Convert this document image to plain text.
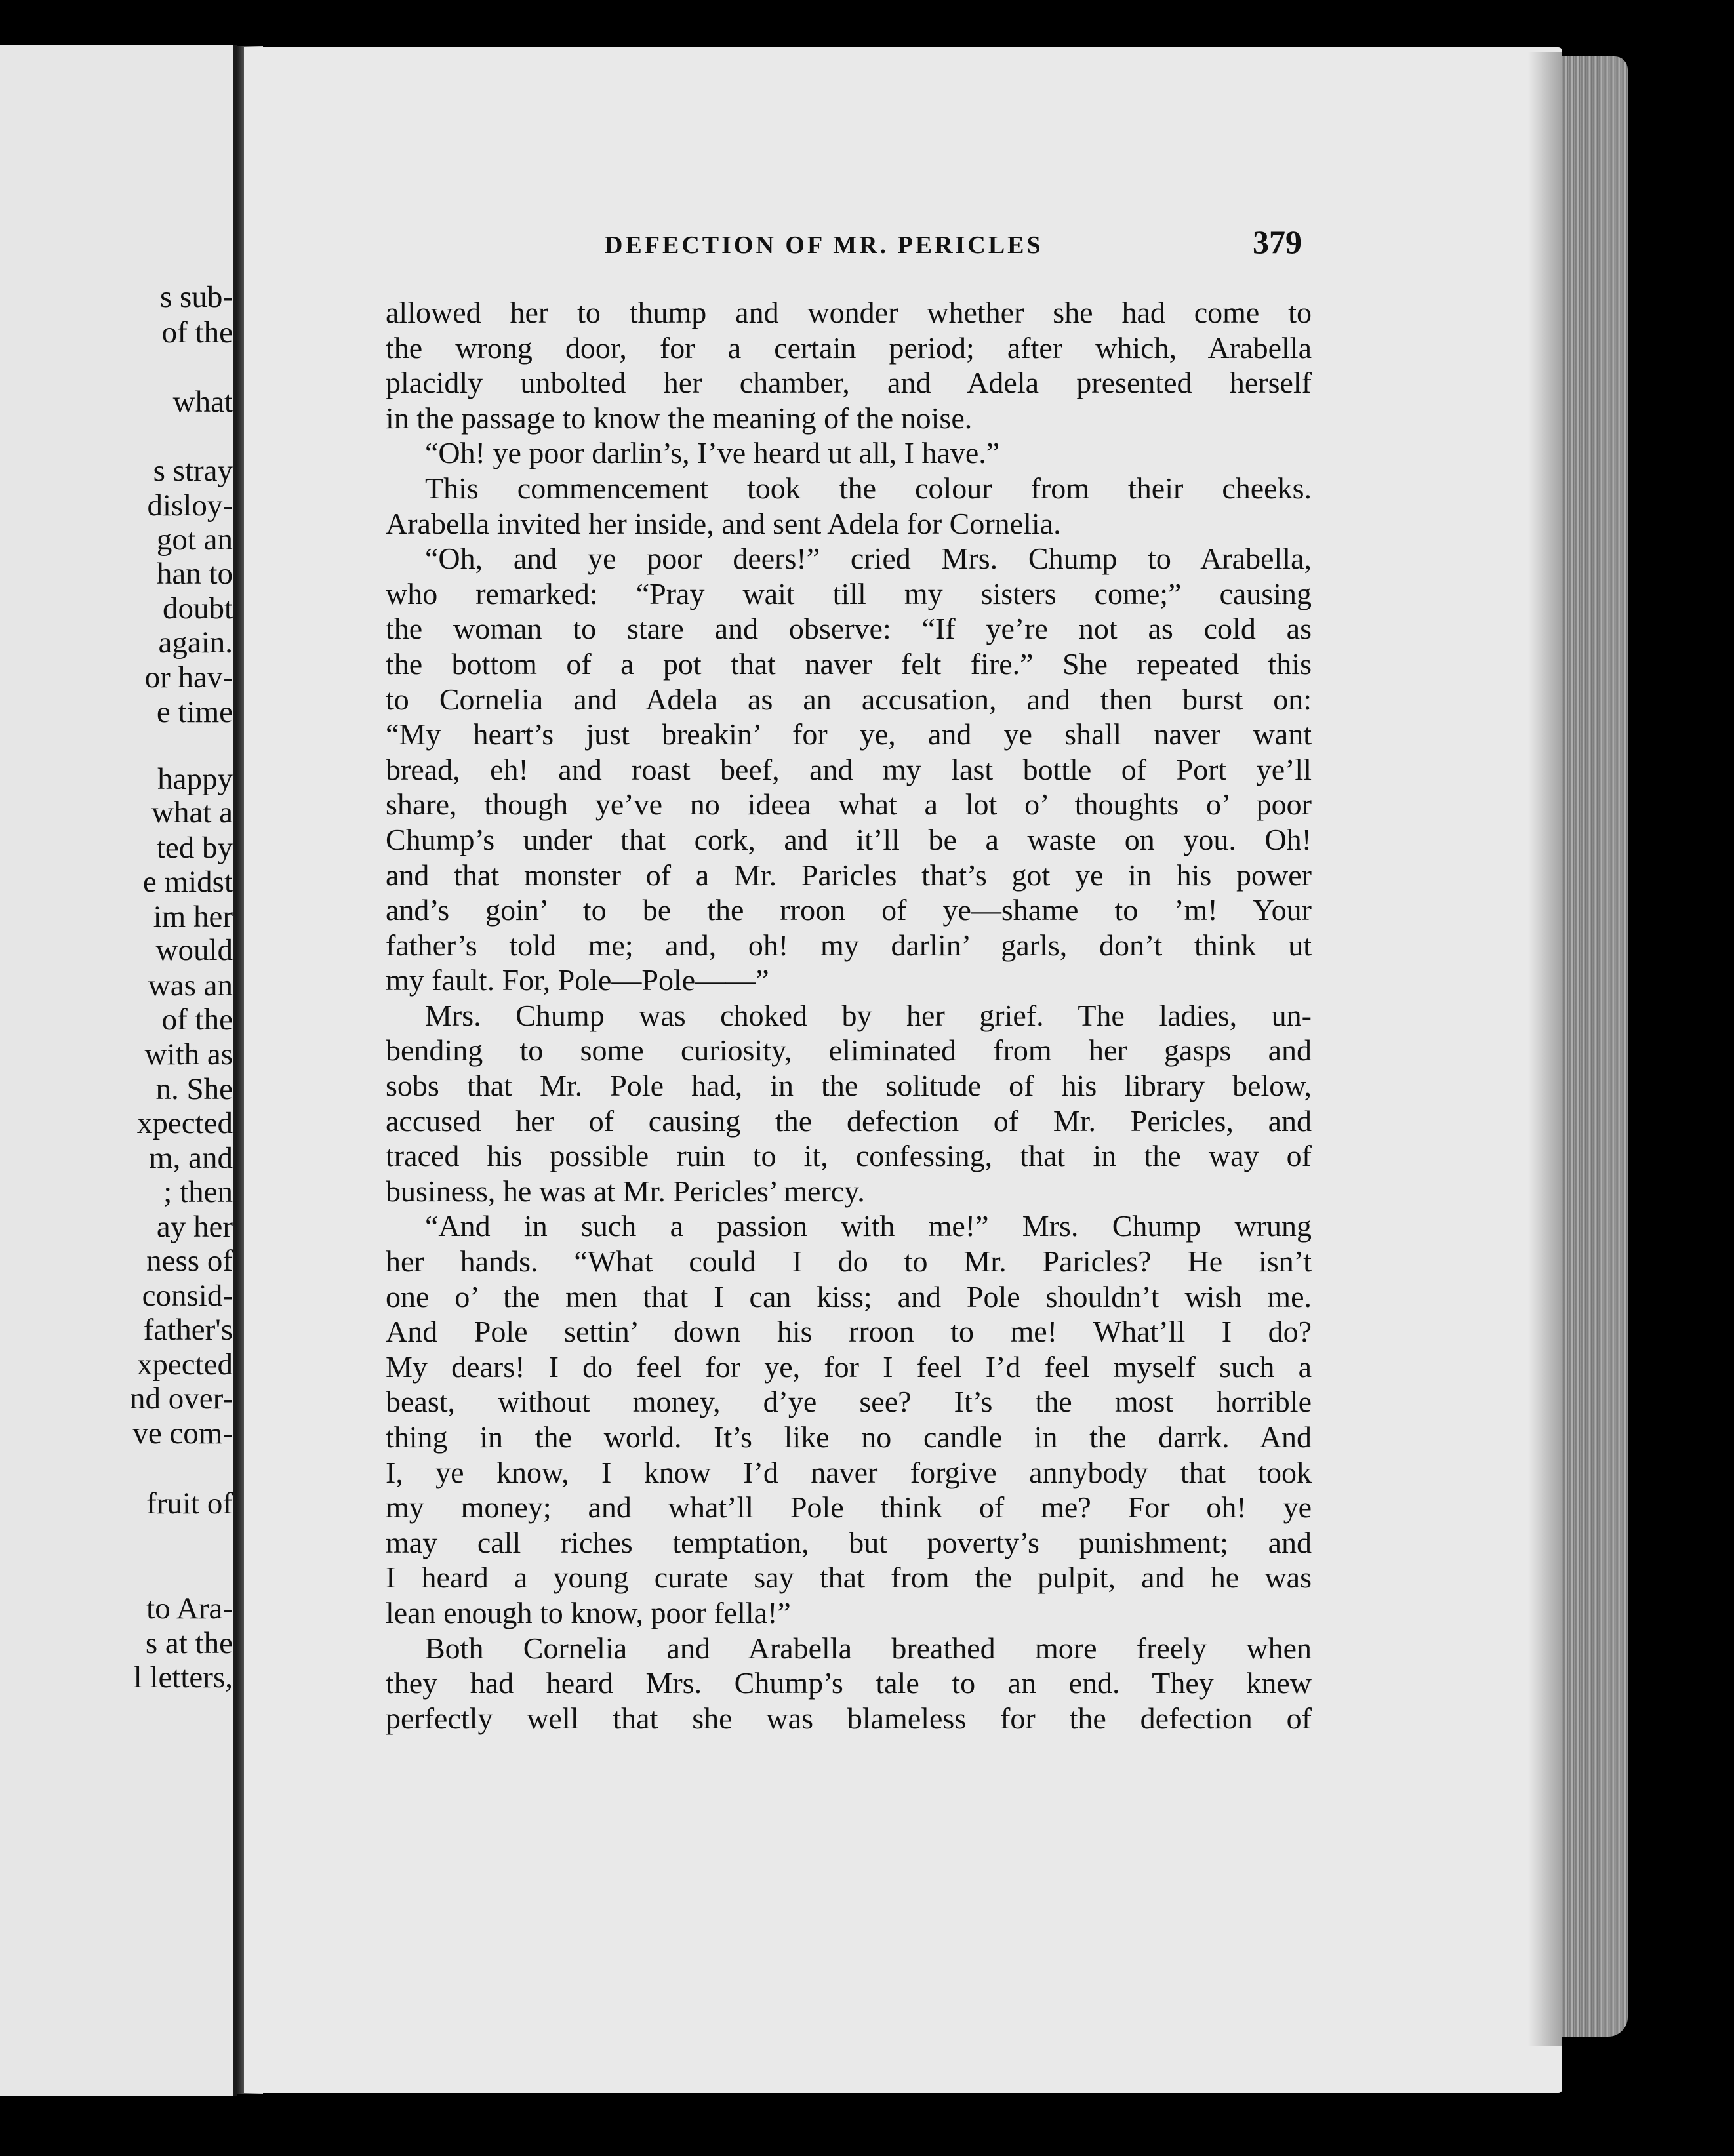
s sub-
of the
what
s stray
disloy-
got an
han to
doubt
again.
or hav-
e time
happy
what a
ted by
e midst
im her
would
was an
of the
with as
n. She
xpected
m, and
; then
ay her
ness of
consid-
father's
xpected
nd over-
ve com-
fruit of
to Ara-
s at the
l letters,
DEFECTION OF MR. PERICLES	379
allowed her to thump and wonder whether she had come to
the wrong door, for a certain period; after which, Arabella
placidly unbolted her chamber, and Adela presented herself
in the passage to know the meaning of the noise.
“Oh! ye poor darlin’s, I’ve heard ut all, I have.”
This commencement took the colour from their cheeks.
Arabella invited her inside, and sent Adela for Cornelia.
“Oh, and ye poor deers!” cried Mrs. Chump to Arabella,
who remarked: “Pray wait till my sisters come;” causing
the woman to stare and observe: “If ye’re not as cold as
the bottom of a pot that naver felt fire.” She repeated this
to Cornelia and Adela as an accusation, and then burst on:
“My heart’s just breakin’ for ye, and ye shall naver want
bread, eh! and roast beef, and my last bottle of Port ye’ll
share, though ye’ve no ideea what a lot o’ thoughts o’ poor
Chump’s under that cork, and it’ll be a waste on you. Oh!
and that monster of a Mr. Paricles that’s got ye in his power
and’s goin’ to be the rroon of ye—shame to ’m! Your
father’s told me; and, oh! my darlin’ garls, don’t think ut
my fault. For, Pole—Pole——”
Mrs. Chump was choked by her grief. The ladies, un-
bending to some curiosity, eliminated from her gasps and
sobs that Mr. Pole had, in the solitude of his library below,
accused her of causing the defection of Mr. Pericles, and
traced his possible ruin to it, confessing, that in the way of
business, he was at Mr. Pericles’ mercy.
“And in such a passion with me!” Mrs. Chump wrung
her hands. “What could I do to Mr. Paricles? He isn’t
one o’ the men that I can kiss; and Pole shouldn’t wish me.
And Pole settin’ down his rroon to me! What’ll I do?
My dears! I do feel for ye, for I feel I’d feel myself such a
beast, without money, d’ye see? It’s the most horrible
thing in the world. It’s like no candle in the darrk. And
I, ye know, I know I’d naver forgive annybody that took
my money; and what’ll Pole think of me? For oh! ye
may call riches temptation, but poverty’s punishment; and
I heard a young curate say that from the pulpit, and he was
lean enough to know, poor fella!”
Both Cornelia and Arabella breathed more freely when
they had heard Mrs. Chump’s tale to an end. They knew
perfectly well that she was blameless for the defection of
